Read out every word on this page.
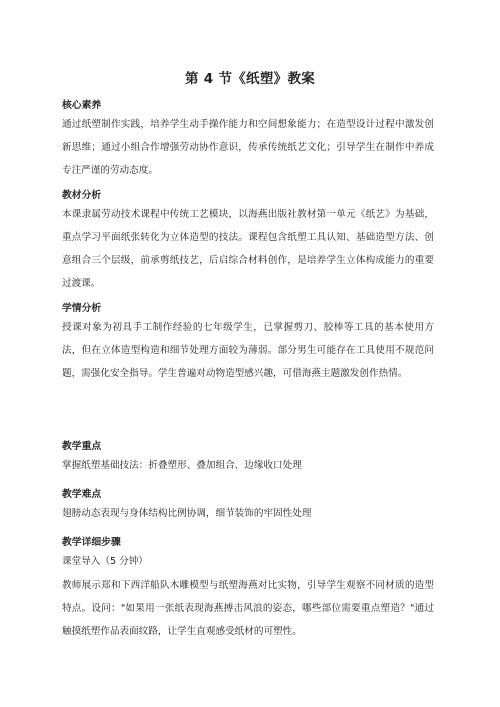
第 4 节《纸塑》教案
核心素养

通过纸塑制作实践，培养学生动手操作能力和空间想象能力；在造型设计过程中激发创新思维；通过小组合作增强劳动协作意识，传承传统纸艺文化；引导学生在制作中养成专注严谨的劳动态度。

教材分析

本课隶属劳动技术课程中传统工艺模块，以海燕出版社教材第一单元《纸艺》为基础，重点学习平面纸张转化为立体造型的技法。课程包含纸塑工具认知、基础造型方法、创意组合三个层级，前承剪纸技艺，后启综合材料创作，是培养学生立体构成能力的重要过渡课。

学情分析

授课对象为初具手工制作经验的七年级学生，已掌握剪刀、胶棒等工具的基本使用方法，但在立体造型构造和细节处理方面较为薄弱。部分男生可能存在工具使用不规范问题，需强化安全指导。学生普遍对动物造型感兴趣，可借海燕主题激发创作热情。

教学重点

掌握纸塑基础技法：折叠塑形、叠加组合、边缘收口处理

教学难点

翅膀动态表现与身体结构比例协调，细节装饰的牢固性处理

教学详细步骤

课堂导入（5 分钟）

教师展示郑和下西洋船队木雕模型与纸塑海燕对比实物，引导学生观察不同材质的造型特点。设问："如果用一张纸表现海燕搏击风浪的姿态，哪些部位需要重点塑造？"通过触摸纸塑作品表面纹路，让学生直观感受纸材的可塑性。
